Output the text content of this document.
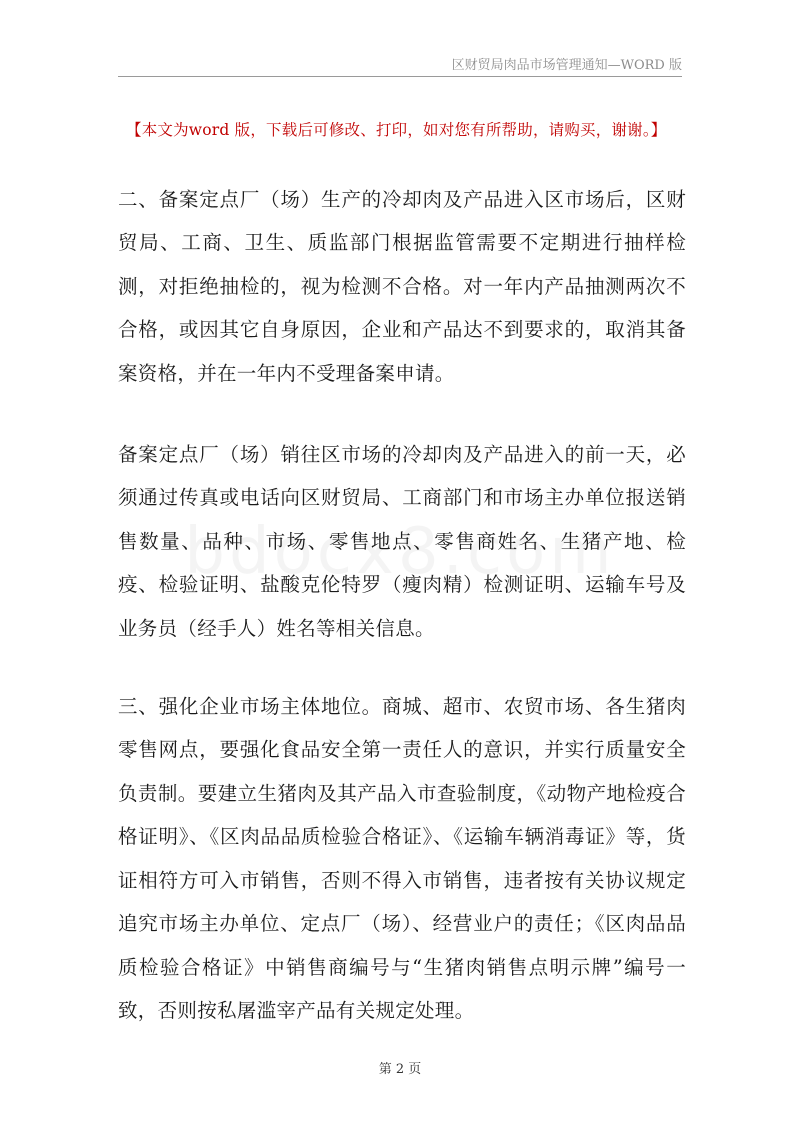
区财贸局肉品市场管理通知—WORD 版
【本文为word 版，下载后可修改、打印，如对您有所帮助，请购买，谢谢。】

二、备案定点厂（场）生产的冷却肉及产品进入区市场后，区财贸局、工商、卫生、质监部门根据监管需要不定期进行抽样检测，对拒绝抽检的，视为检测不合格。对一年内产品抽测两次不合格，或因其它自身原因，企业和产品达不到要求的，取消其备案资格，并在一年内不受理备案申请。

备案定点厂（场）销往区市场的冷却肉及产品进入的前一天，必须通过传真或电话向区财贸局、工商部门和市场主办单位报送销售数量、品种、市场、零售地点、零售商姓名、生猪产地、检疫、检验证明、盐酸克伦特罗（瘦肉精）检测证明、运输车号及业务员（经手人）姓名等相关信息。

三、强化企业市场主体地位。商城、超市、农贸市场、各生猪肉零售网点，要强化食品安全第一责任人的意识，并实行质量安全负责制。要建立生猪肉及其产品入市查验制度，《动物产地检疫合格证明》、《区肉品品质检验合格证》、《运输车辆消毒证》等，货证相符方可入市销售，否则不得入市销售，违者按有关协议规定追究市场主办单位、定点厂（场）、经营业户的责任；《区肉品品质检验合格证》中销售商编号与“生猪肉销售点明示牌”编号一致，否则按私屠滥宰产品有关规定处理。

第 2 页
